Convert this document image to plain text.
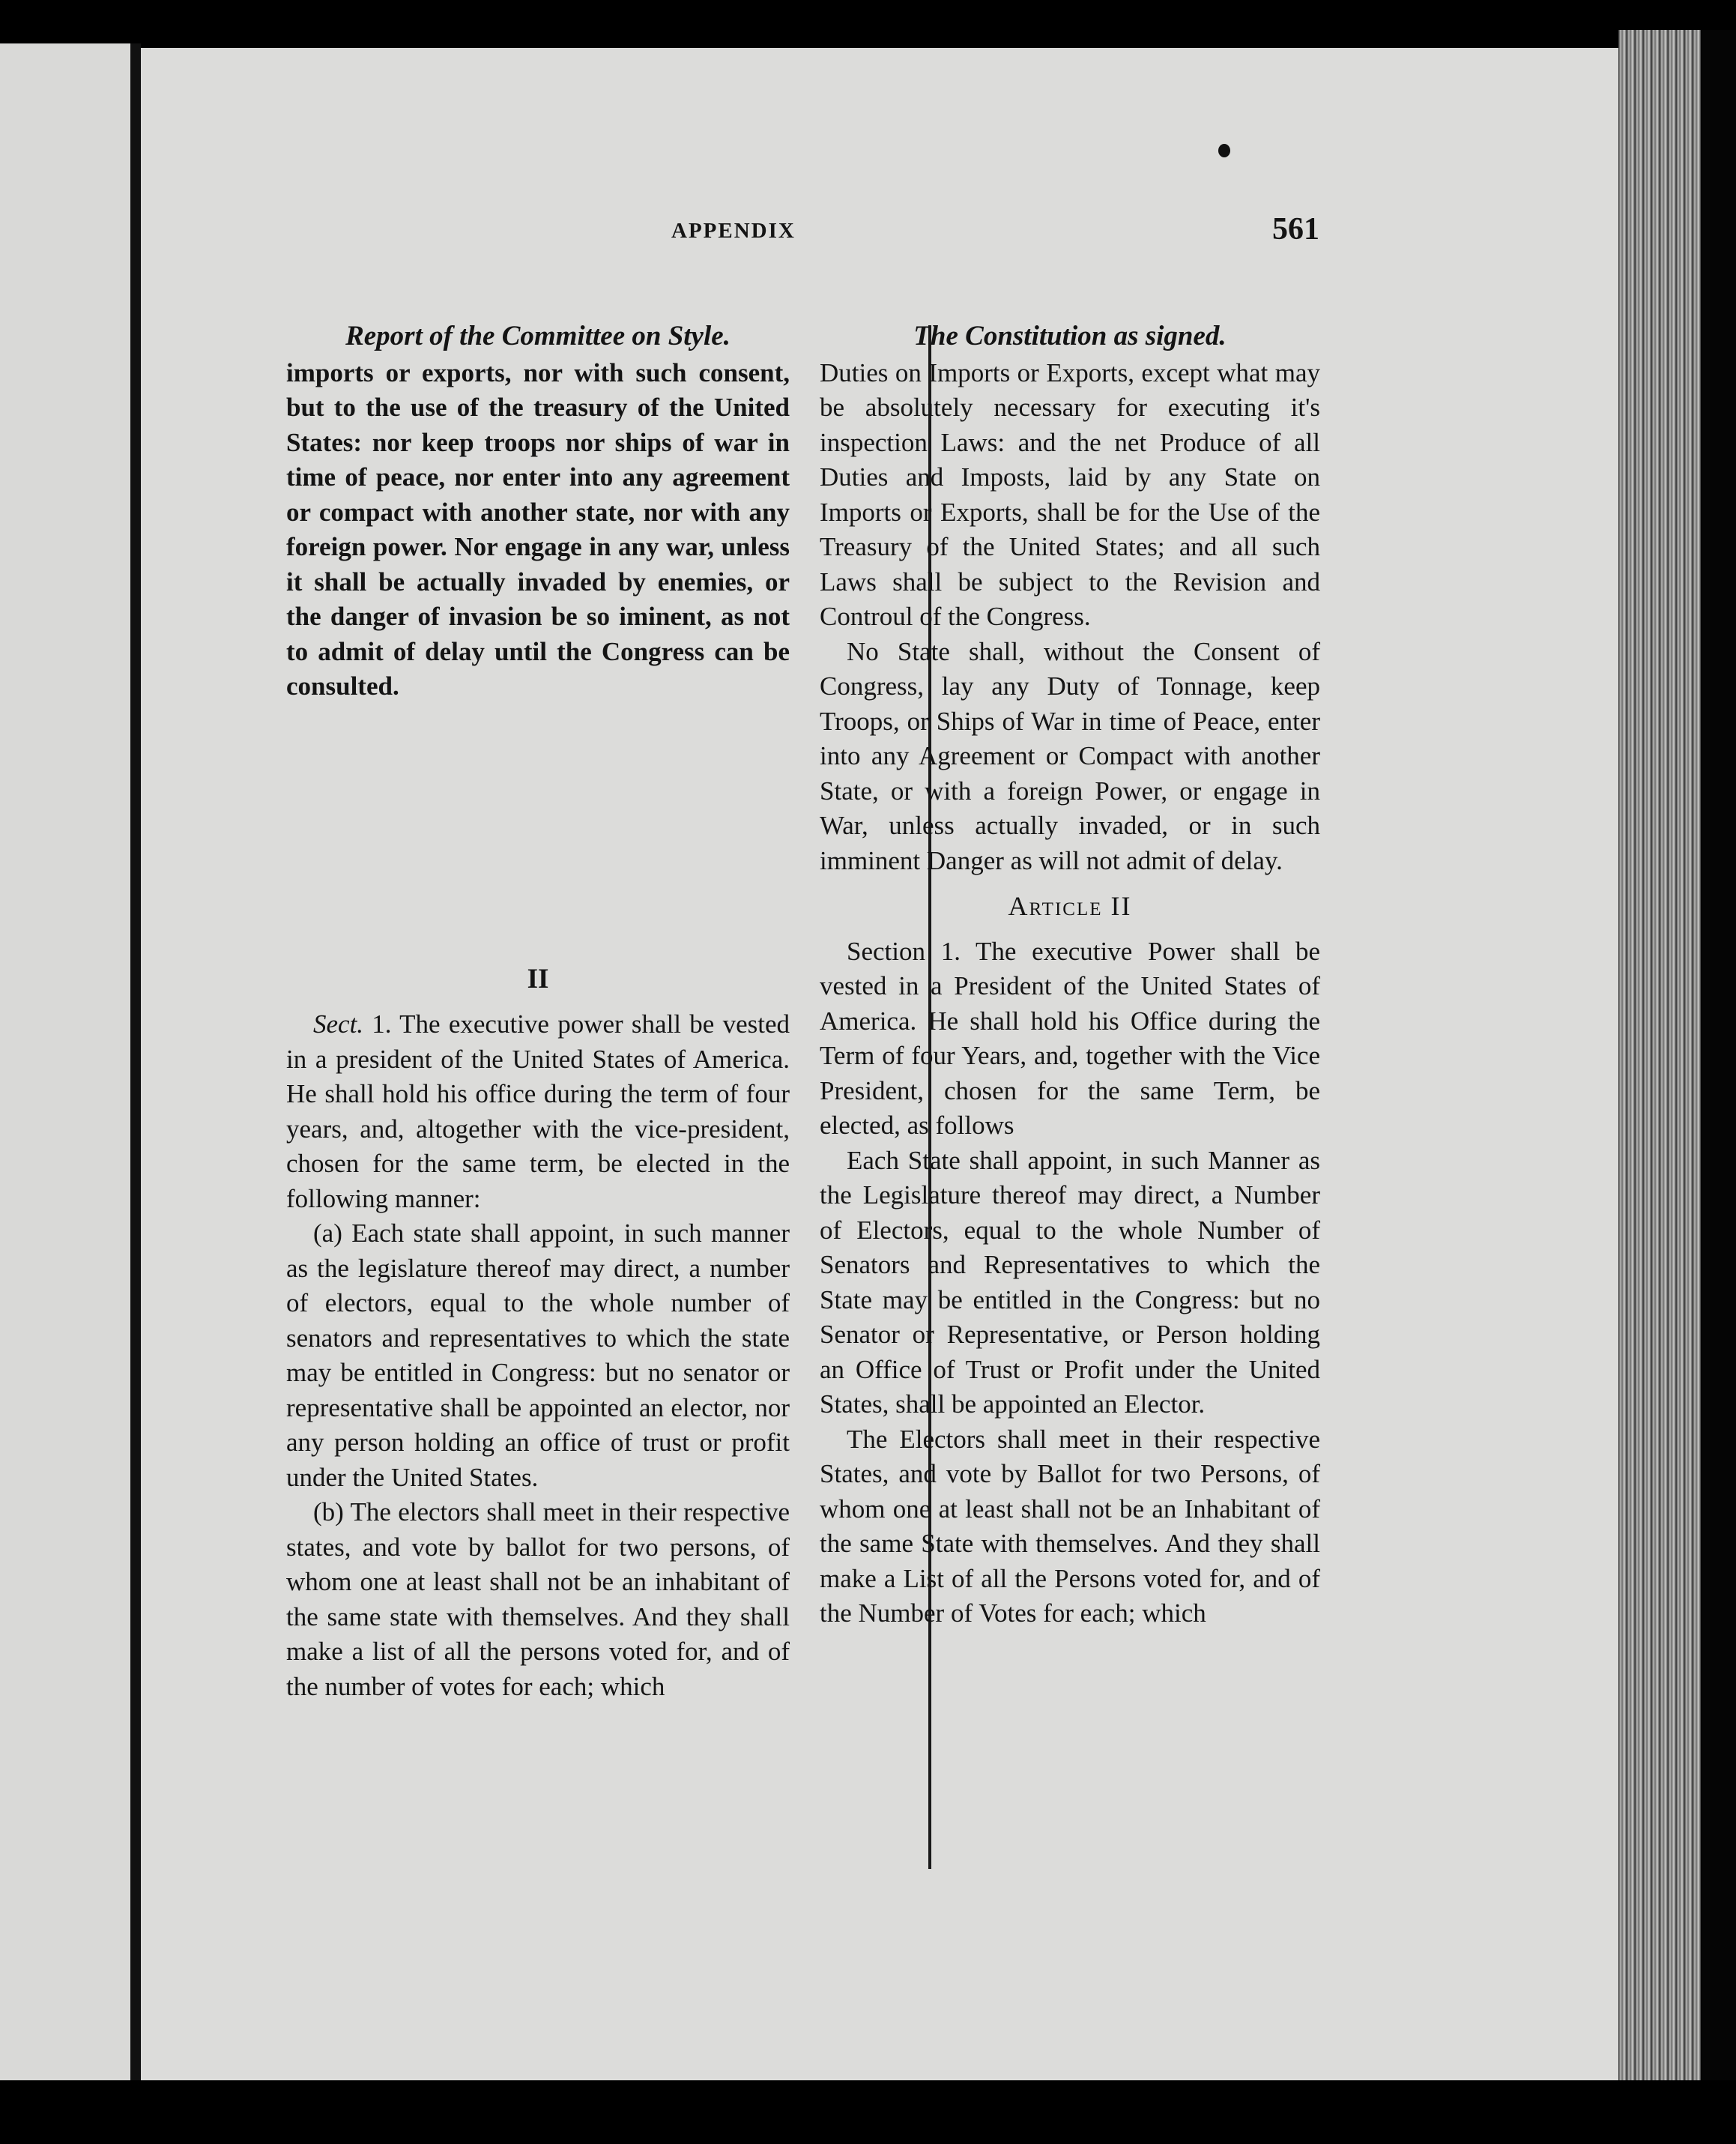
APPENDIX	561
Report of the Committee on Style.

imports or exports, nor with such consent, but to the use of the treasury of the United States: nor keep troops nor ships of war in time of peace, nor enter into any agreement or compact with another state, nor with any foreign power. Nor engage in any war, unless it shall be actually invaded by enemies, or the danger of invasion be so iminent, as not to admit of delay until the Congress can be consulted.

II

Sect. 1. The executive power shall be vested in a president of the United States of America. He shall hold his office during the term of four years, and, altogether with the vice-president, chosen for the same term, be elected in the following manner:

(a) Each state shall appoint, in such manner as the legislature thereof may direct, a number of electors, equal to the whole number of senators and representatives to which the state may be entitled in Congress: but no senator or representative shall be appointed an elector, nor any person holding an office of trust or profit under the United States.

(b) The electors shall meet in their respective states, and vote by ballot for two persons, of whom one at least shall not be an inhabitant of the same state with themselves. And they shall make a list of all the persons voted for, and of the number of votes for each; which

The Constitution as signed.

Duties on Imports or Exports, except what may be absolutely necessary for executing it's inspection Laws: and the net Produce of all Duties and Imposts, laid by any State on Imports or Exports, shall be for the Use of the Treasury of the United States; and all such Laws shall be subject to the Revision and Controul of the Congress.

No State shall, without the Consent of Congress, lay any Duty of Tonnage, keep Troops, or Ships of War in time of Peace, enter into any Agreement or Compact with another State, or with a foreign Power, or engage in War, unless actually invaded, or in such imminent Danger as will not admit of delay.

Article II

Section 1. The executive Power shall be vested in a President of the United States of America. He shall hold his Office during the Term of four Years, and, together with the Vice President, chosen for the same Term, be elected, as follows

Each State shall appoint, in such Manner as the Legislature thereof may direct, a Number of Electors, equal to the whole Number of Senators and Representatives to which the State may be entitled in the Congress: but no Senator or Representative, or Person holding an Office of Trust or Profit under the United States, shall be appointed an Elector.

The Electors shall meet in their respective States, and vote by Ballot for two Persons, of whom one at least shall not be an Inhabitant of the same State with themselves. And they shall make a List of all the Persons voted for, and of the Number of Votes for each; which
